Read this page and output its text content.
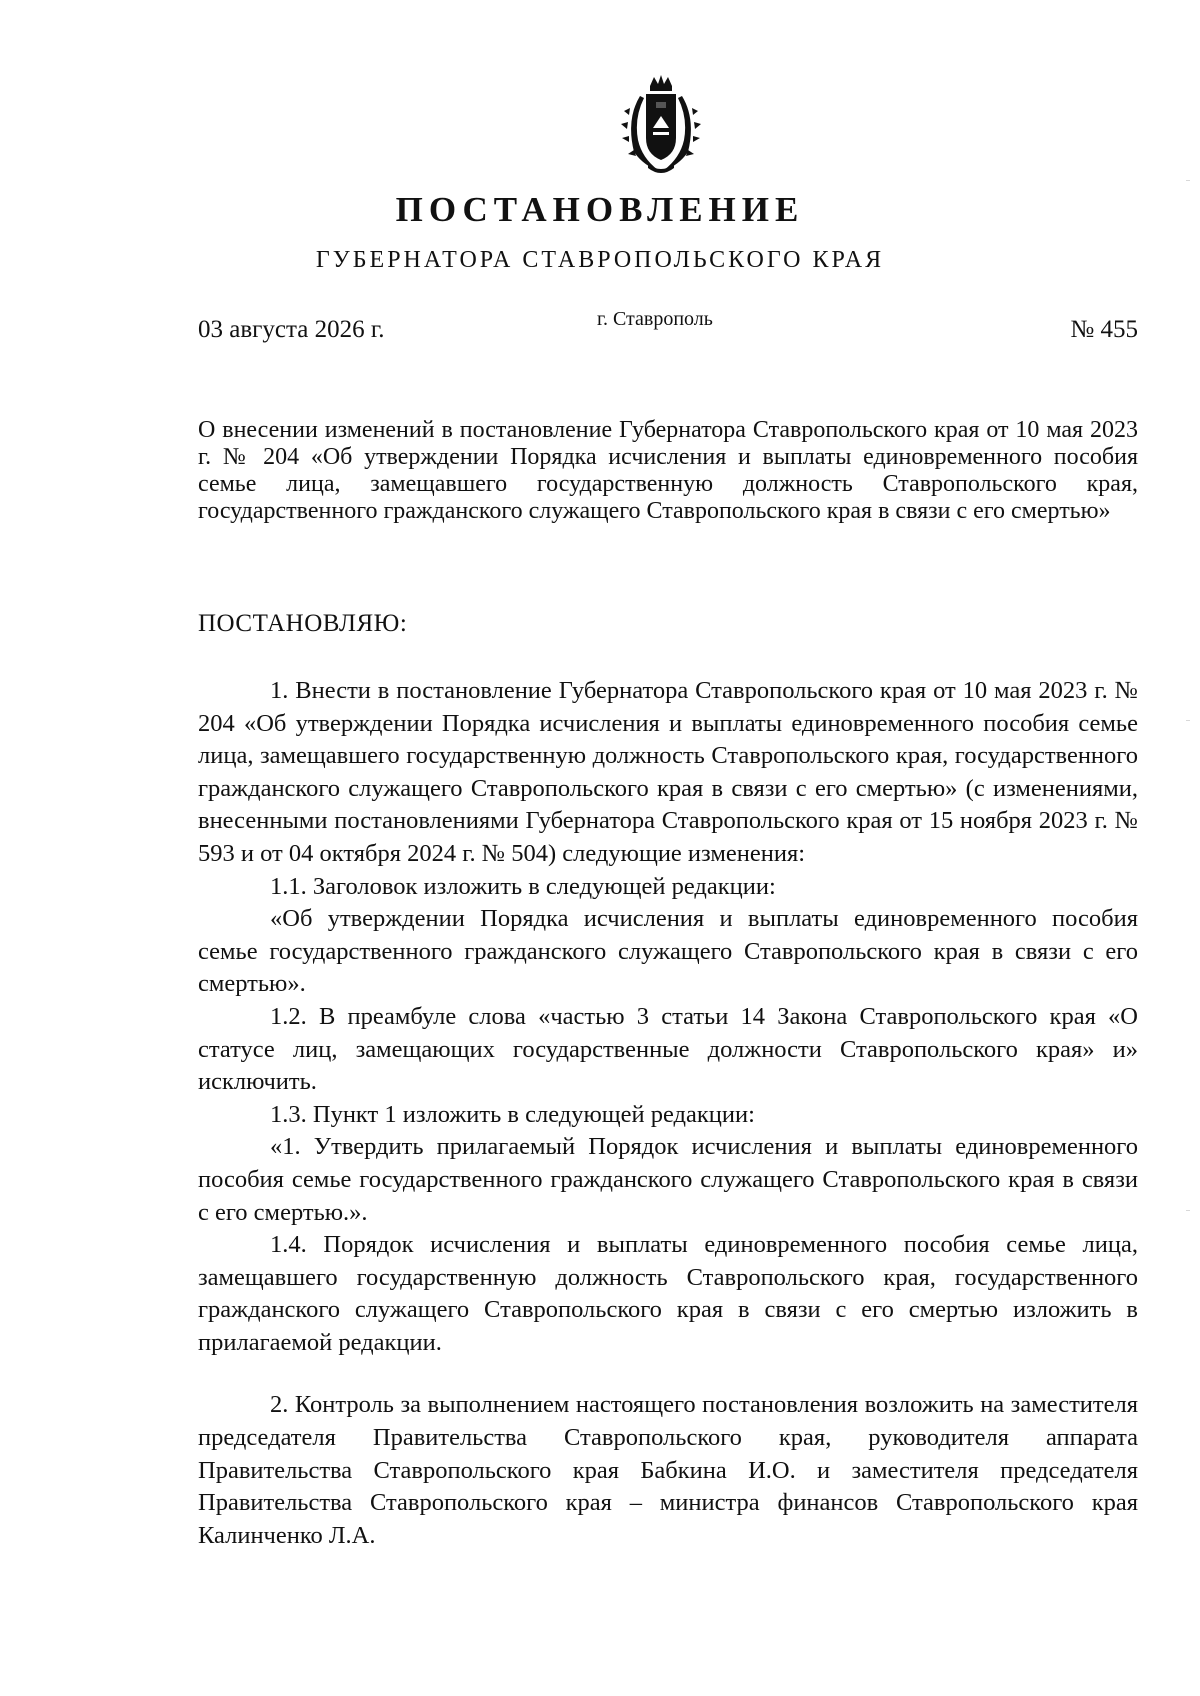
ПОСТАНОВЛЕНИЕ
ГУБЕРНАТОРА СТАВРОПОЛЬСКОГО КРАЯ
03 августа 2026 г.	г. Ставрополь	№ 455
О внесении изменений в постановление Губернатора Ставропольского края от 10 мая 2023 г. № 204 «Об утверждении Порядка исчисления и выплаты единовременного пособия семье лица, замещавшего государственную должность Ставропольского края, государственного гражданского служащего Ставропольского края в связи с его смертью»
ПОСТАНОВЛЯЮ:

1. Внести в постановление Губернатора Ставропольского края от 10 мая 2023 г. № 204 «Об утверждении Порядка исчисления и выплаты единовременного пособия семье лица, замещавшего государственную должность Ставропольского края, государственного гражданского служащего Ставропольского края в связи с его смертью» (с изменениями, внесенными постановлениями Губернатора Ставропольского края от 15 ноября 2023 г. № 593 и от 04 октября 2024 г. № 504) следующие изменения:

1.1. Заголовок изложить в следующей редакции:

«Об утверждении Порядка исчисления и выплаты единовременного пособия семье государственного гражданского служащего Ставропольского края в связи с его смертью».

1.2. В преамбуле слова «частью 3 статьи 14 Закона Ставропольского края «О статусе лиц, замещающих государственные должности Ставропольского края» и» исключить.

1.3. Пункт 1 изложить в следующей редакции:

«1. Утвердить прилагаемый Порядок исчисления и выплаты единовременного пособия семье государственного гражданского служащего Ставропольского края в связи с его смертью.».

1.4. Порядок исчисления и выплаты единовременного пособия семье лица, замещавшего государственную должность Ставропольского края, государственного гражданского служащего Ставропольского края в связи с его смертью изложить в прилагаемой редакции.

2. Контроль за выполнением настоящего постановления возложить на заместителя председателя Правительства Ставропольского края, руководителя аппарата Правительства Ставропольского края Бабкина И.О. и заместителя председателя Правительства Ставропольского края – министра финансов Ставропольского края Калинченко Л.А.
